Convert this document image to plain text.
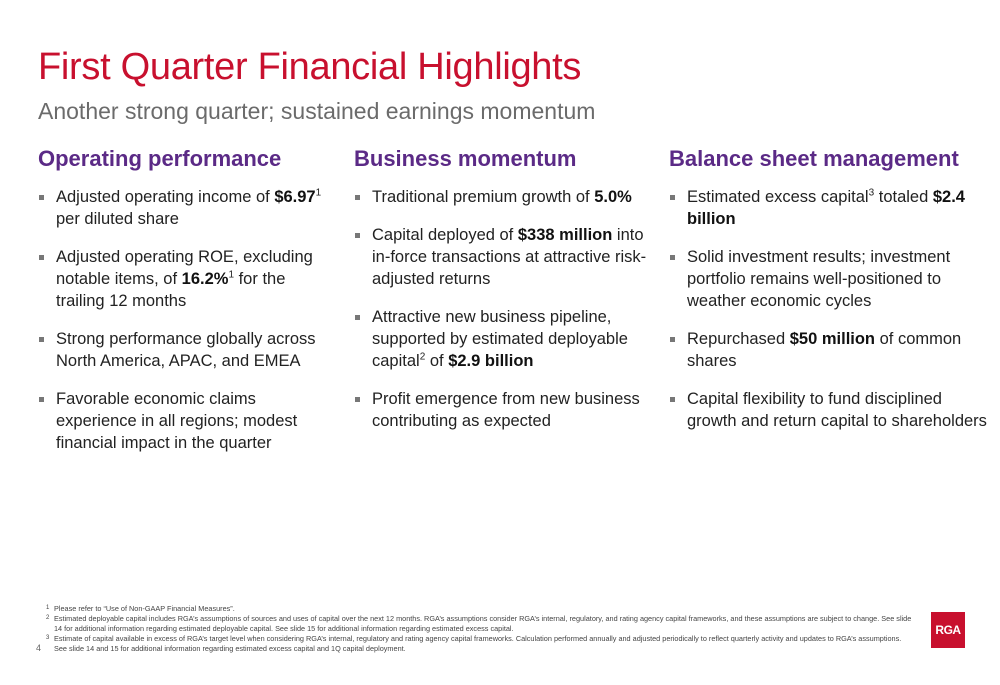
First Quarter Financial Highlights
Another strong quarter; sustained earnings momentum
Operating performance
Adjusted operating income of $6.97$^1$ per diluted share
Adjusted operating ROE, excluding notable items, of 16.2%$^1$ for the trailing 12 months
Strong performance globally across North America, APAC, and EMEA
Favorable economic claims experience in all regions; modest financial impact in the quarter
Business momentum
Traditional premium growth of 5.0%
Capital deployed of $338 million into in-force transactions at attractive risk-adjusted returns
Attractive new business pipeline, supported by estimated deployable capital$^2$ of $2.9 billion
Profit emergence from new business contributing as expected
Balance sheet management
Estimated excess capital$^3$ totaled $2.4 billion
Solid investment results; investment portfolio remains well-positioned to weather economic cycles
Repurchased $50 million of common shares
Capital flexibility to fund disciplined growth and return capital to shareholders
1 Please refer to “Use of Non-GAAP Financial Measures”.
2 Estimated deployable capital includes RGA’s assumptions of sources and uses of capital over the next 12 months. RGA’s assumptions consider RGA’s internal, regulatory, and rating agency capital frameworks, and these assumptions are subject to change. See slide 14 for additional information regarding estimated deployable capital. See slide 15 for additional information regarding estimated excess capital.
3 Estimate of capital available in excess of RGA’s target level when considering RGA’s internal, regulatory and rating agency capital frameworks. Calculation performed annually and adjusted periodically to reflect quarterly activity and updates to RGA’s assumptions. See slide 14 and 15 for additional information regarding estimated excess capital and 1Q capital deployment.
4
RGA
